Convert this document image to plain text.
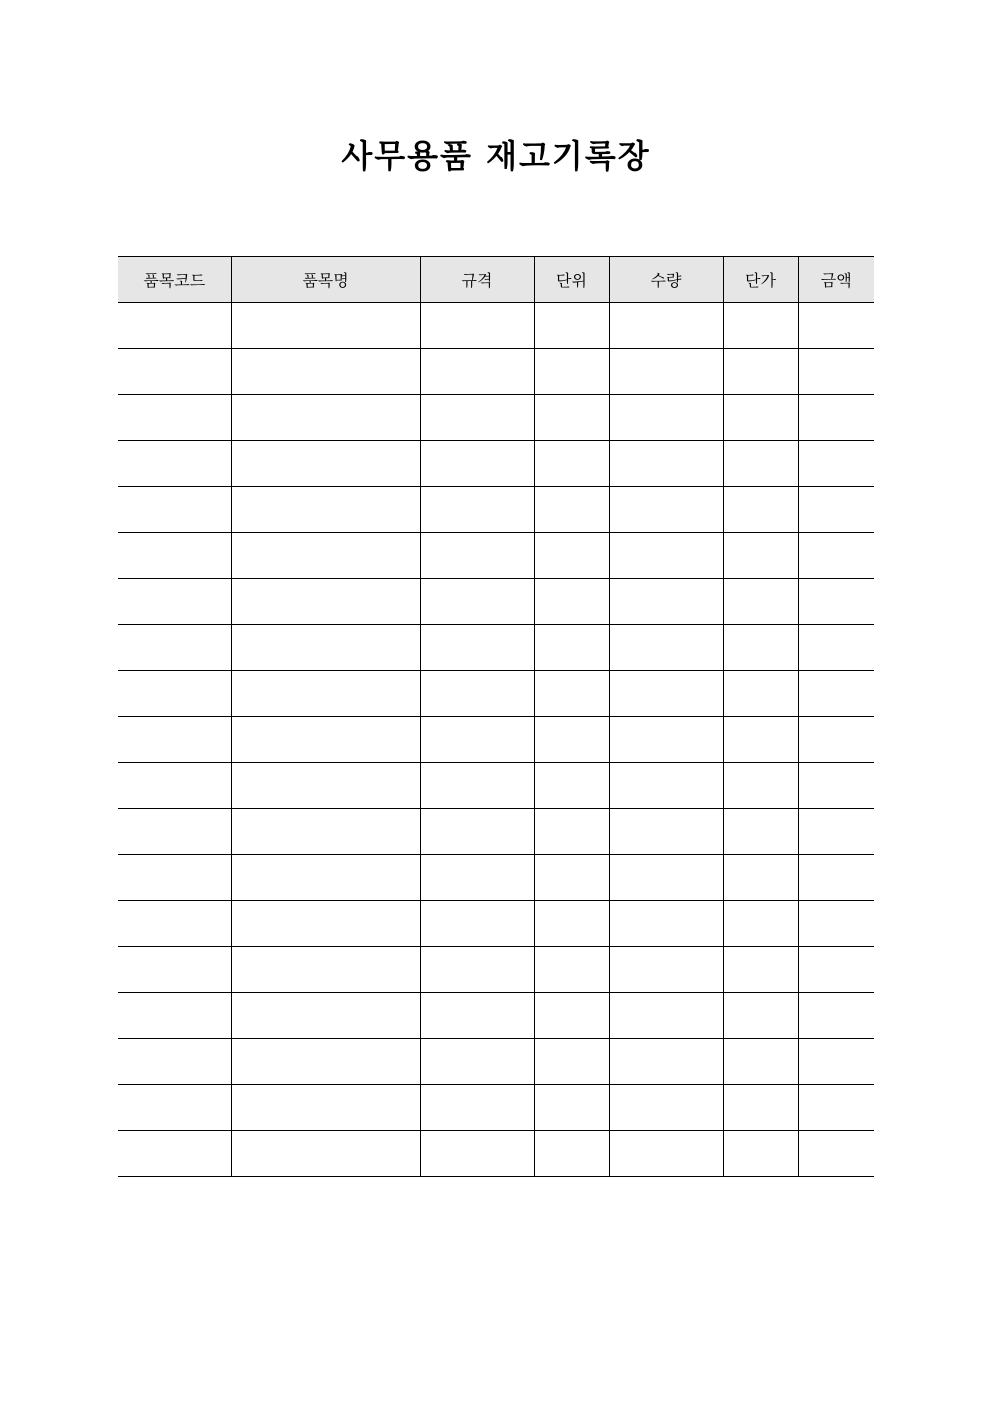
사무용품 재고기록장
품목코드	품목명	규격	단위	수량	단가	금액
